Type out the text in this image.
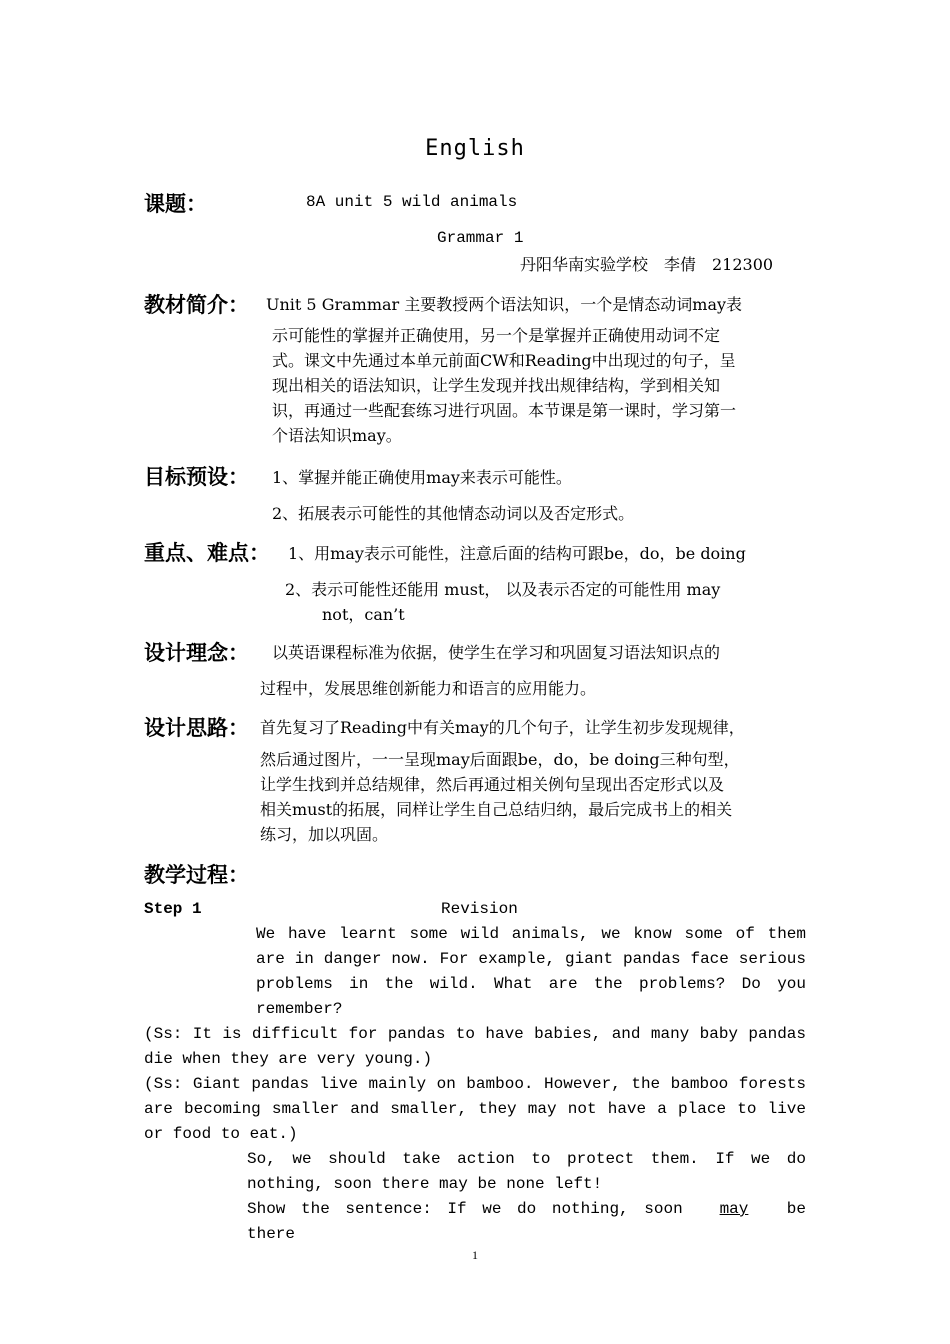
English
课题：	8A unit 5 wild animals
Grammar 1
丹阳华南实验学校　李倩　212300
教材简介： Unit 5 Grammar 主要教授两个语法知识，一个是情态动词may表
示可能性的掌握并正确使用，另一个是掌握并正确使用动词不定
式。课文中先通过本单元前面CW和Reading中出现过的句子，呈
现出相关的语法知识，让学生发现并找出规律结构，学到相关知
识，再通过一些配套练习进行巩固。本节课是第一课时，学习第一
个语法知识may。
目标预设： 1、掌握并能正确使用may来表示可能性。
2、拓展表示可能性的其他情态动词以及否定形式。
重点、难点： 1、用may表示可能性，注意后面的结构可跟be，do，be doing
2、表示可能性还能用 must， 以及表示否定的可能性用 may
not，can’t
设计理念： 以英语课程标准为依据，使学生在学习和巩固复习语法知识点的
过程中，发展思维创新能力和语言的应用能力。
设计思路： 首先复习了Reading中有关may的几个句子，让学生初步发现规律，
然后通过图片，一一呈现may后面跟be，do，be doing三种句型，
让学生找到并总结规律，然后再通过相关例句呈现出否定形式以及
相关must的拓展，同样让学生自己总结归纳，最后完成书上的相关
练习，加以巩固。
教学过程：
Step 1	Revision
We have learnt some wild animals, we know some of them
are in danger now. For example, giant pandas face serious
problems in the wild. What are the problems? Do you
remember?
(Ss: It is difficult for pandas to have babies, and many baby pandas
die when they are very young.)
(Ss: Giant pandas live mainly on bamboo. However, the bamboo forests
are becoming smaller and smaller, they may not have a place to live
or food to eat.)
So, we should take action to protect them. If we do
nothing, soon there may be none left!
Show the sentence: If we do nothing, soon there
may be
1
